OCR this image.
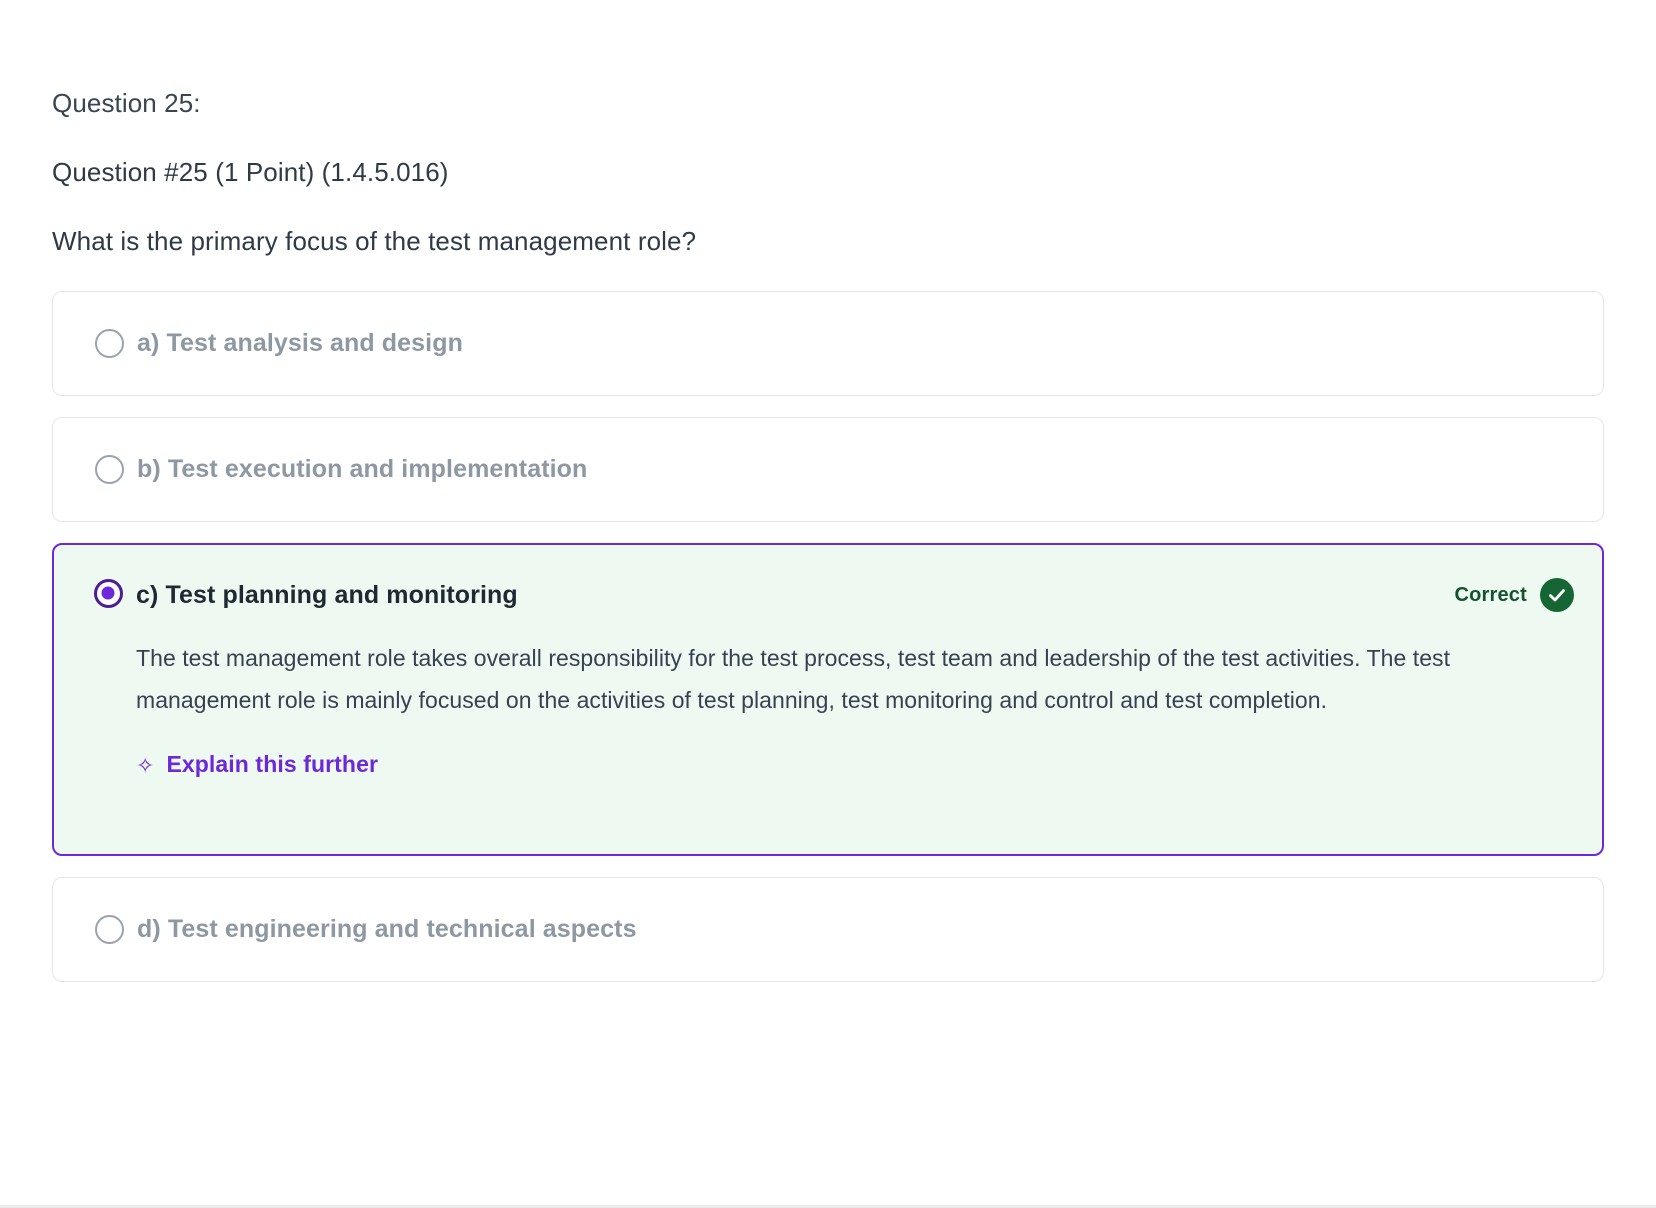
Question 25:
Question #25 (1 Point) (1.4.5.016)
What is the primary focus of the test management role?
a) Test analysis and design
b) Test execution and implementation
c) Test planning and monitoring	Correct
The test management role takes overall responsibility for the test process, test team and leadership of the test activities. The test management role is mainly focused on the activities of test planning, test monitoring and control and test completion.
✧ Explain this further
d) Test engineering and technical aspects
